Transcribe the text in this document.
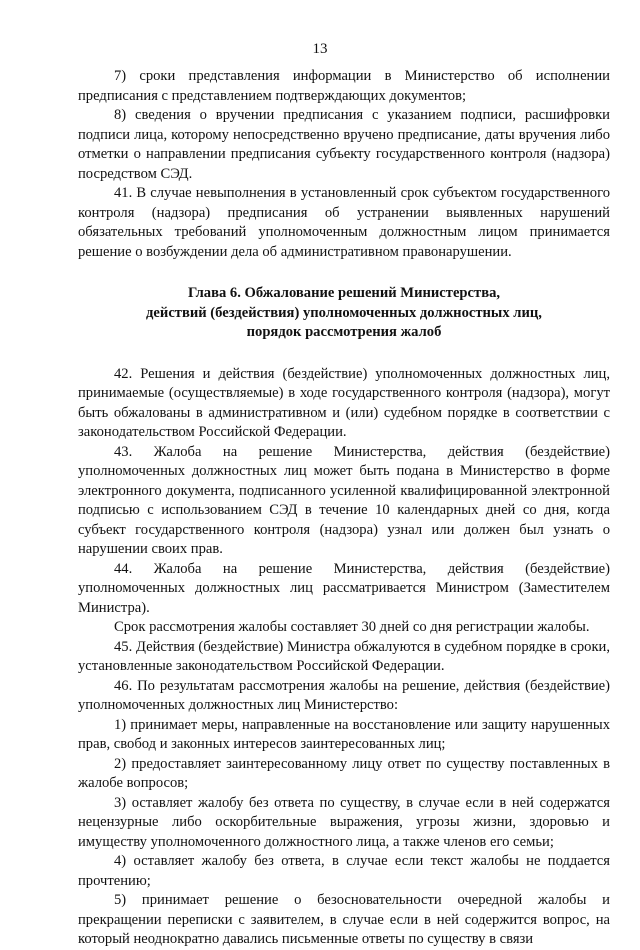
13

7) сроки представления информации в Министерство об исполнении предписания с представлением подтверждающих документов;

8) сведения о вручении предписания с указанием подписи, расшифровки подписи лица, которому непосредственно вручено предписание, даты вручения либо отметки о направлении предписания субъекту государственного контроля (надзора) посредством СЭД.

41. В случае невыполнения в установленный срок субъектом государственного контроля (надзора) предписания об устранении выявленных нарушений обязательных требований уполномоченным должностным лицом принимается решение о возбуждении дела об административном правонарушении.

Глава 6. Обжалование решений Министерства,
действий (бездействия) уполномоченных должностных лиц,
порядок рассмотрения жалоб

42. Решения и действия (бездействие) уполномоченных должностных лиц, принимаемые (осуществляемые) в ходе государственного контроля (надзора), могут быть обжалованы в административном и (или) судебном порядке в соответствии с законодательством Российской Федерации.

43. Жалоба на решение Министерства, действия (бездействие) уполномоченных должностных лиц может быть подана в Министерство в форме электронного документа, подписанного усиленной квалифицированной электронной подписью с использованием СЭД в течение 10 календарных дней со дня, когда субъект государственного контроля (надзора) узнал или должен был узнать о нарушении своих прав.

44. Жалоба на решение Министерства, действия (бездействие) уполномоченных должностных лиц рассматривается Министром (Заместителем Министра).

Срок рассмотрения жалобы составляет 30 дней со дня регистрации жалобы.

45. Действия (бездействие) Министра обжалуются в судебном порядке в сроки, установленные законодательством Российской Федерации.

46. По результатам рассмотрения жалобы на решение, действия (бездействие) уполномоченных должностных лиц Министерство:

1) принимает меры, направленные на восстановление или защиту нарушенных прав, свобод и законных интересов заинтересованных лиц;

2) предоставляет заинтересованному лицу ответ по существу поставленных в жалобе вопросов;

3) оставляет жалобу без ответа по существу, в случае если в ней содержатся нецензурные либо оскорбительные выражения, угрозы жизни, здоровью и имуществу уполномоченного должностного лица, а также членов его семьи;

4) оставляет жалобу без ответа, в случае если текст жалобы не поддается прочтению;

5) принимает решение о безосновательности очередной жалобы и прекращении переписки с заявителем, в случае если в ней содержится вопрос, на который неоднократно давались письменные ответы по существу в связи
